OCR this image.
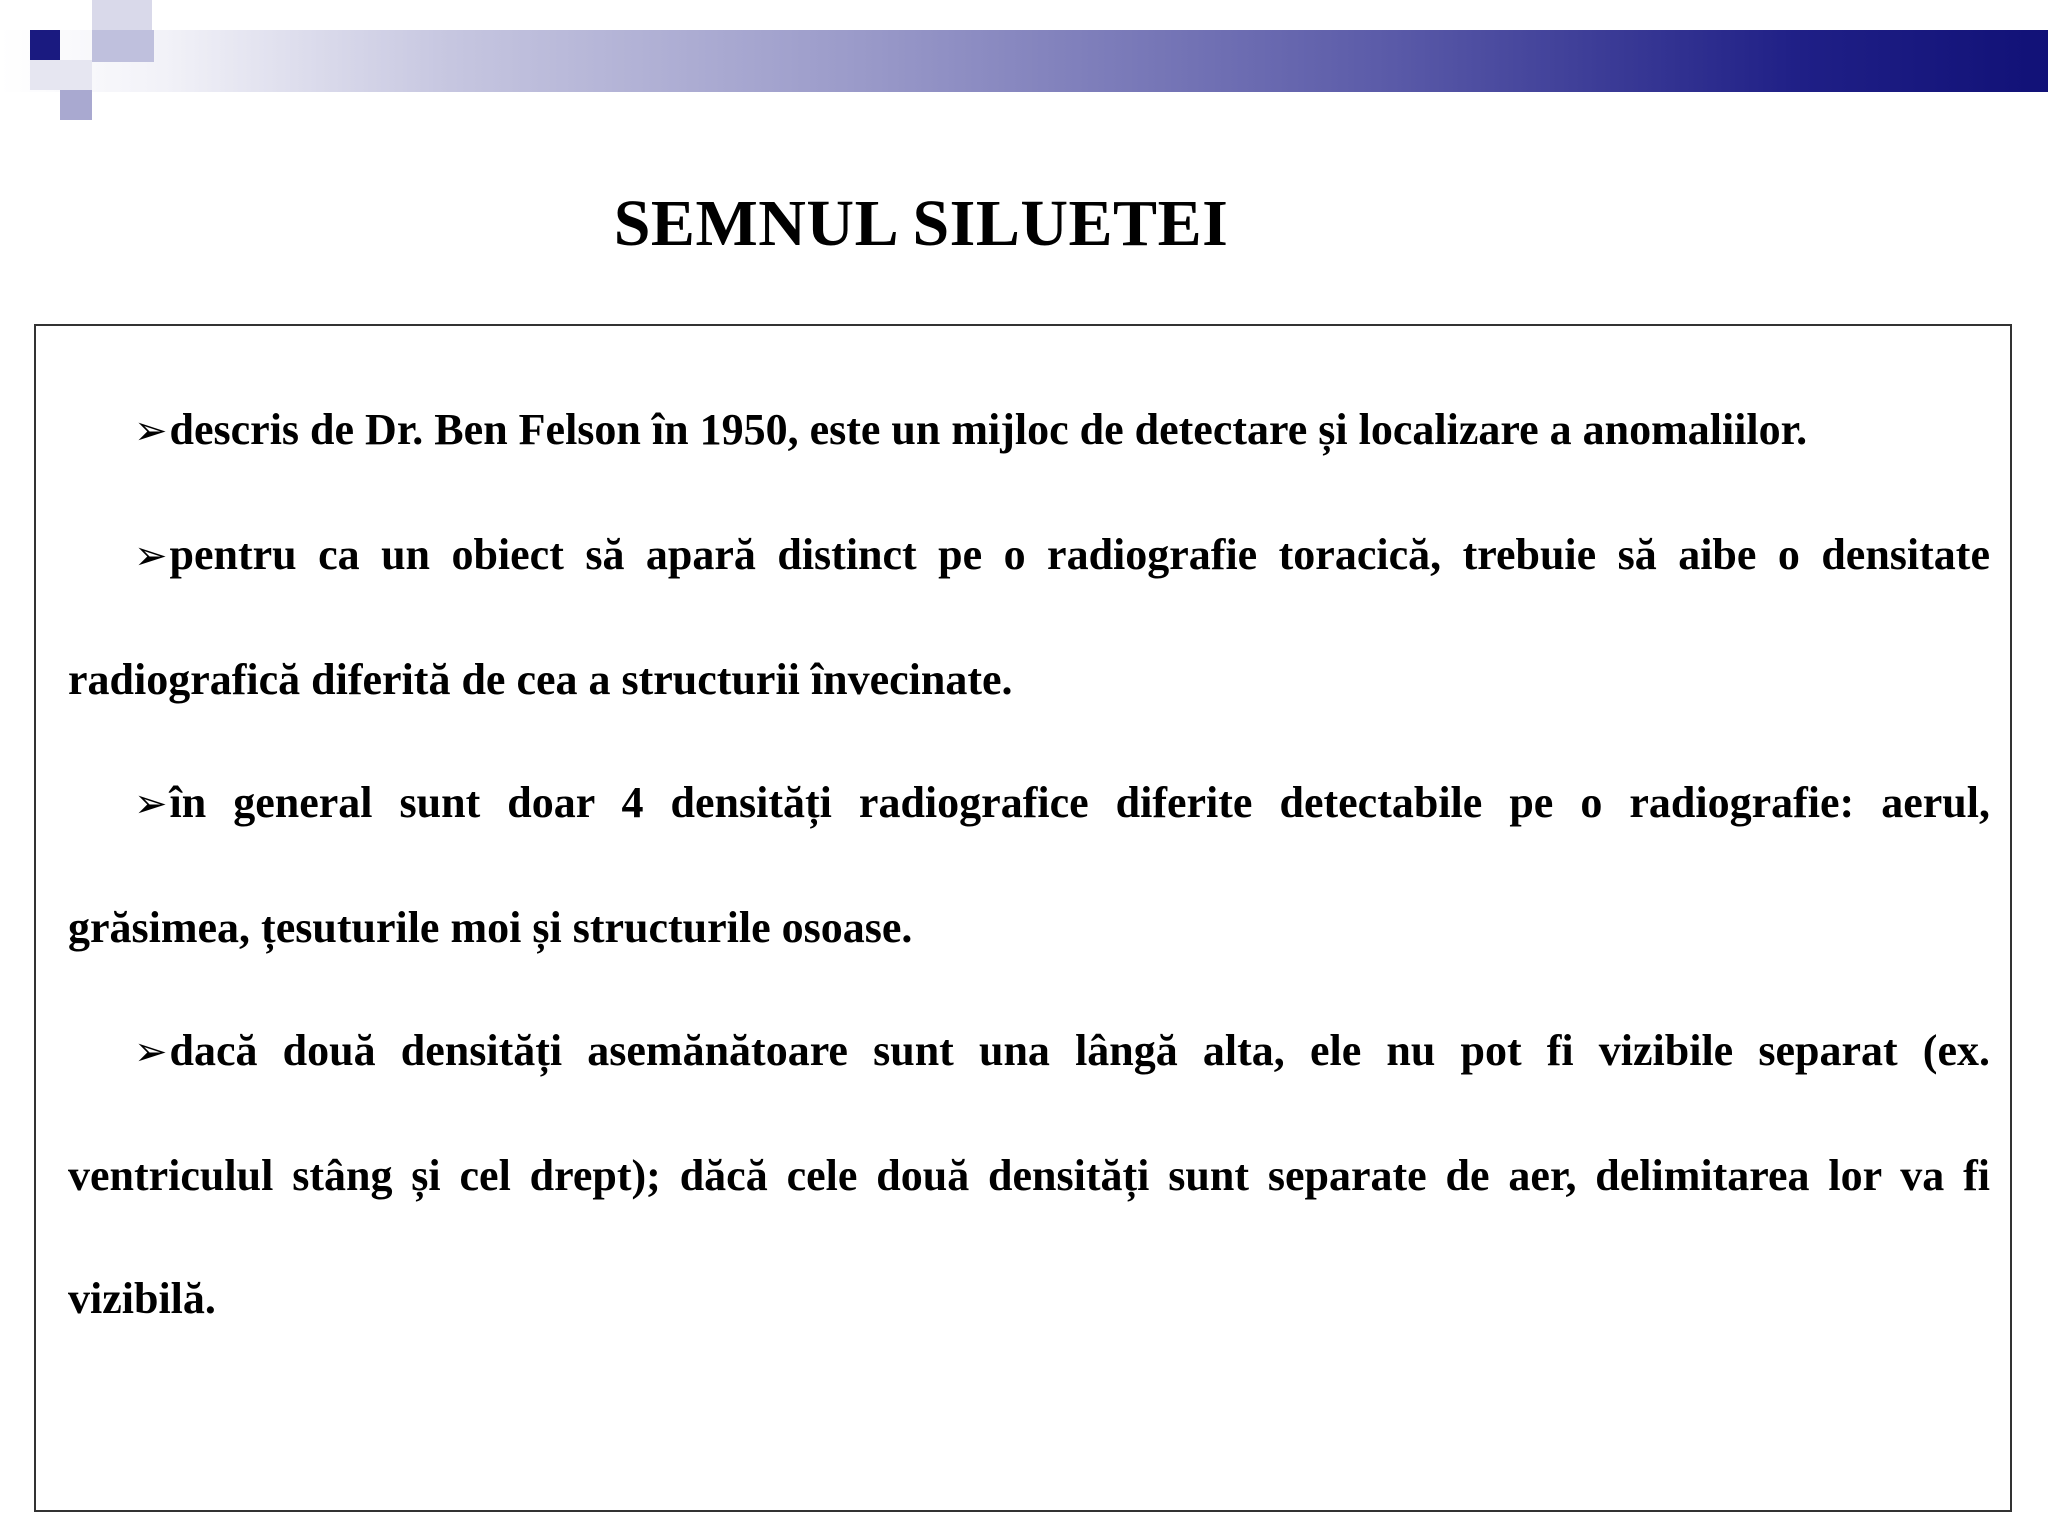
SEMNUL SILUETEI

➢descris de Dr. Ben Felson în 1950, este un mijloc de detectare și localizare a anomaliilor.

➢pentru ca un obiect să apară distinct pe o radiografie toracică, trebuie să aibe o densitate radiografică diferită de cea a structurii învecinate.

➢în general sunt doar 4 densități radiografice diferite detectabile pe o radiografie: aerul, grăsimea, țesuturile moi și structurile osoase.

➢dacă două densități asemănătoare sunt una lângă alta, ele nu pot fi vizibile separat (ex. ventriculul stâng și cel drept); dăcă cele două densități sunt separate de aer, delimitarea lor va fi vizibilă.
